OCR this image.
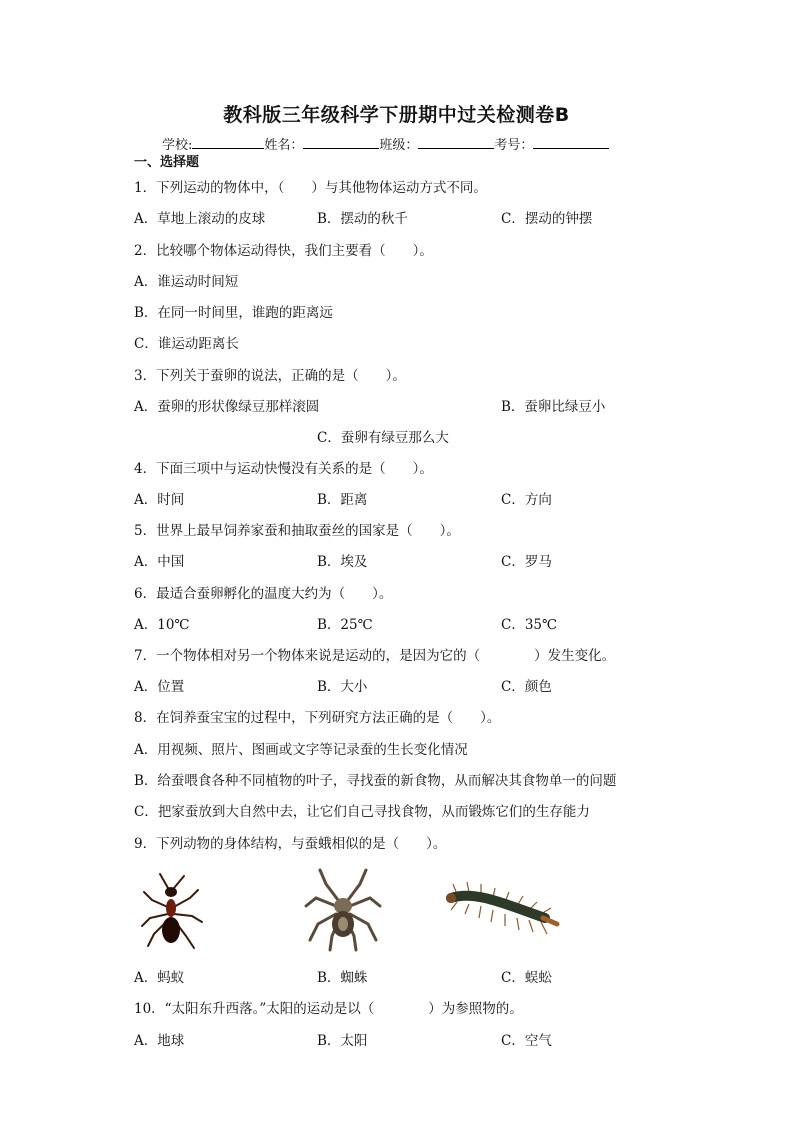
教科版三年级科学下册期中过关检测卷B
学校:	姓名：	班级：	考号：
一、选择题
1．下列运动的物体中，（　　）与其他物体运动方式不同。
A．草地上滚动的皮球	B．摆动的秋千	C．摆动的钟摆
2．比较哪个物体运动得快，我们主要看（　　）。
A．谁运动时间短
B．在同一时间里，谁跑的距离远
C．谁运动距离长
3．下列关于蚕卵的说法，正确的是（　　）。
A．蚕卵的形状像绿豆那样滚圆	B．蚕卵比绿豆小
C．蚕卵有绿豆那么大
4．下面三项中与运动快慢没有关系的是（　　）。
A．时间	B．距离	C．方向
5．世界上最早饲养家蚕和抽取蚕丝的国家是（　　）。
A．中国	B．埃及	C．罗马
6．最适合蚕卵孵化的温度大约为（　　）。
A．10℃	B．25℃	C．35℃
7．一个物体相对另一个物体来说是运动的，是因为它的（　　　　）发生变化。
A．位置	B．大小	C．颜色
8．在饲养蚕宝宝的过程中，下列研究方法正确的是（　　）。
A．用视频、照片、图画或文字等记录蚕的生长变化情况
B．给蚕喂食各种不同植物的叶子，寻找蚕的新食物，从而解决其食物单一的问题
C．把家蚕放到大自然中去，让它们自己寻找食物，从而锻炼它们的生存能力
9．下列动物的身体结构，与蚕蛾相似的是（　　）。
A．蚂蚁	B．蜘蛛	C．蜈蚣
10．“太阳东升西落。”太阳的运动是以（　　　　）为参照物的。
A．地球	B．太阳	C．空气
